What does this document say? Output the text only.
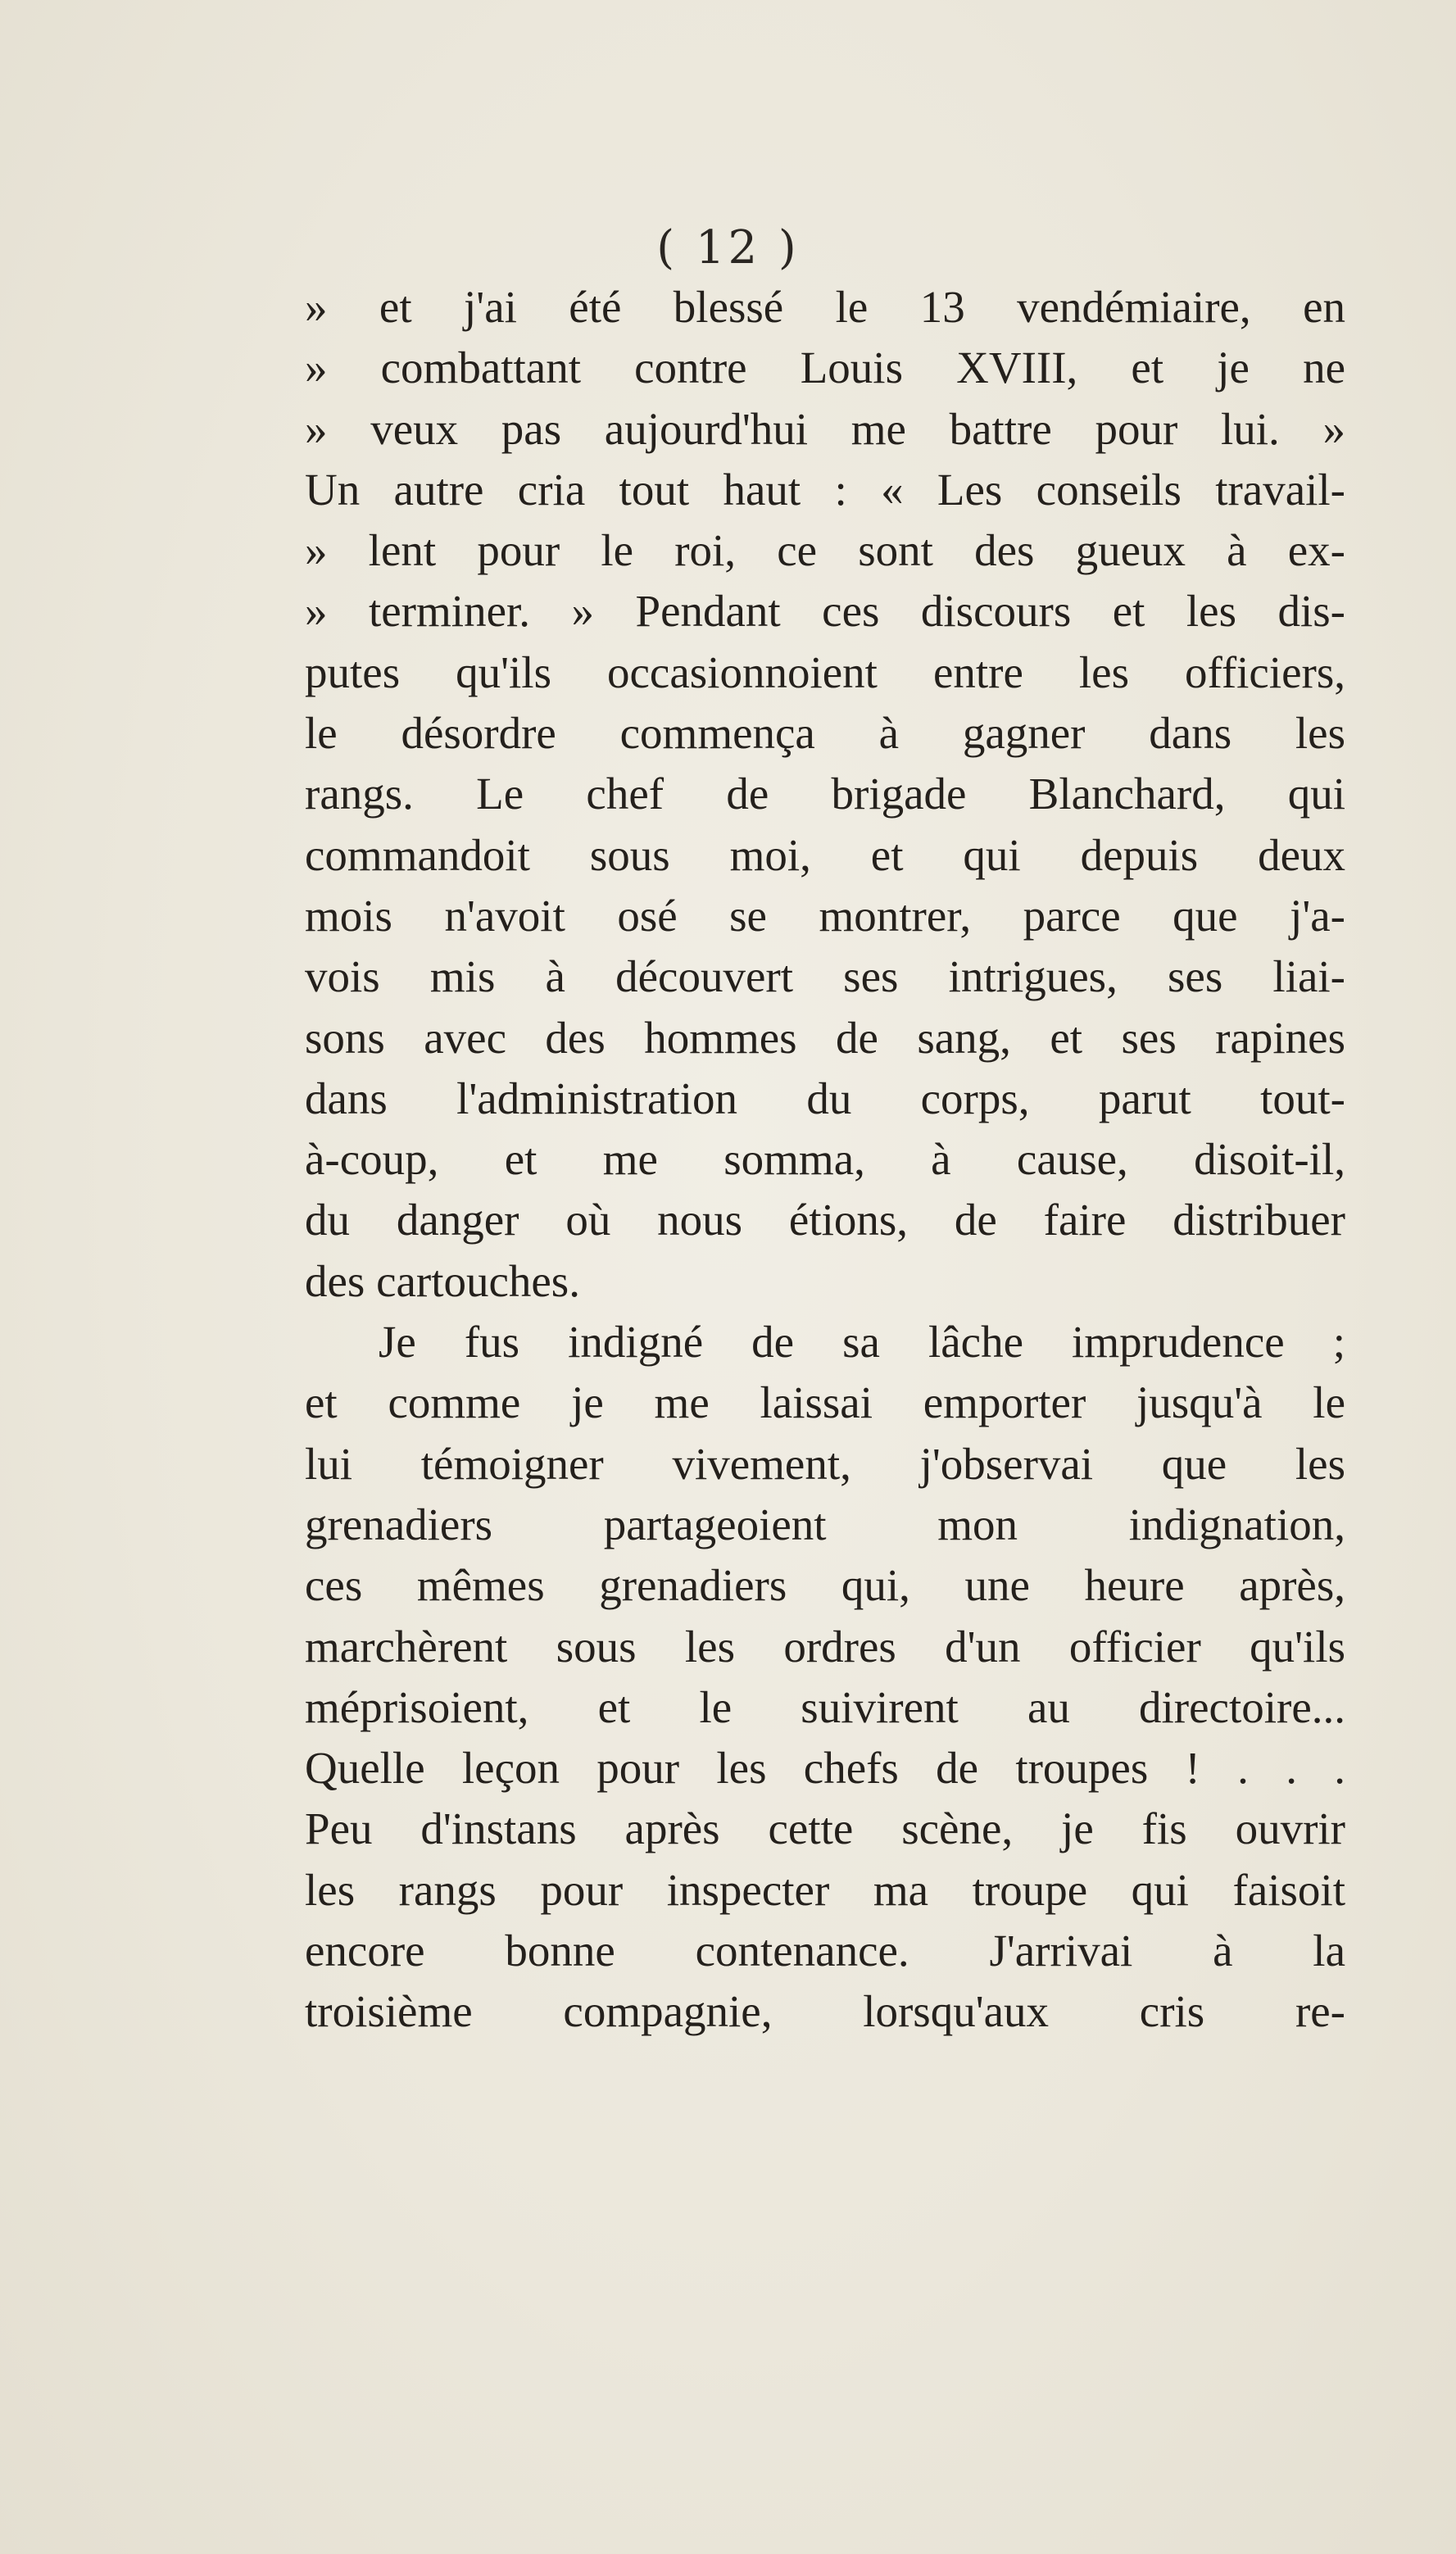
( 12 )
» et j'ai été blessé le 13 vendémiaire, en
» combattant contre Louis XVIII, et je ne
» veux pas aujourd'hui me battre pour lui. »
Un autre cria tout haut : « Les conseils travail-
» lent pour le roi, ce sont des gueux à ex-
» terminer. » Pendant ces discours et les dis-
putes qu'ils occasionnoient entre les officiers,
le désordre commença à gagner dans les
rangs. Le chef de brigade Blanchard, qui
commandoit sous moi, et qui depuis deux
mois n'avoit osé se montrer, parce que j'a-
vois mis à découvert ses intrigues, ses liai-
sons avec des hommes de sang, et ses rapines
dans l'administration du corps, parut tout-
à-coup, et me somma, à cause, disoit-il,
du danger où nous étions, de faire distribuer
des cartouches.
Je fus indigné de sa lâche imprudence ;
et comme je me laissai emporter jusqu'à le
lui témoigner vivement, j'observai que les
grenadiers partageoient mon indignation,
ces mêmes grenadiers qui, une heure après,
marchèrent sous les ordres d'un officier qu'ils
méprisoient, et le suivirent au directoire...
Quelle leçon pour les chefs de troupes ! . . .
Peu d'instans après cette scène, je fis ouvrir
les rangs pour inspecter ma troupe qui faisoit
encore bonne contenance. J'arrivai à la
troisième compagnie, lorsqu'aux cris re-
